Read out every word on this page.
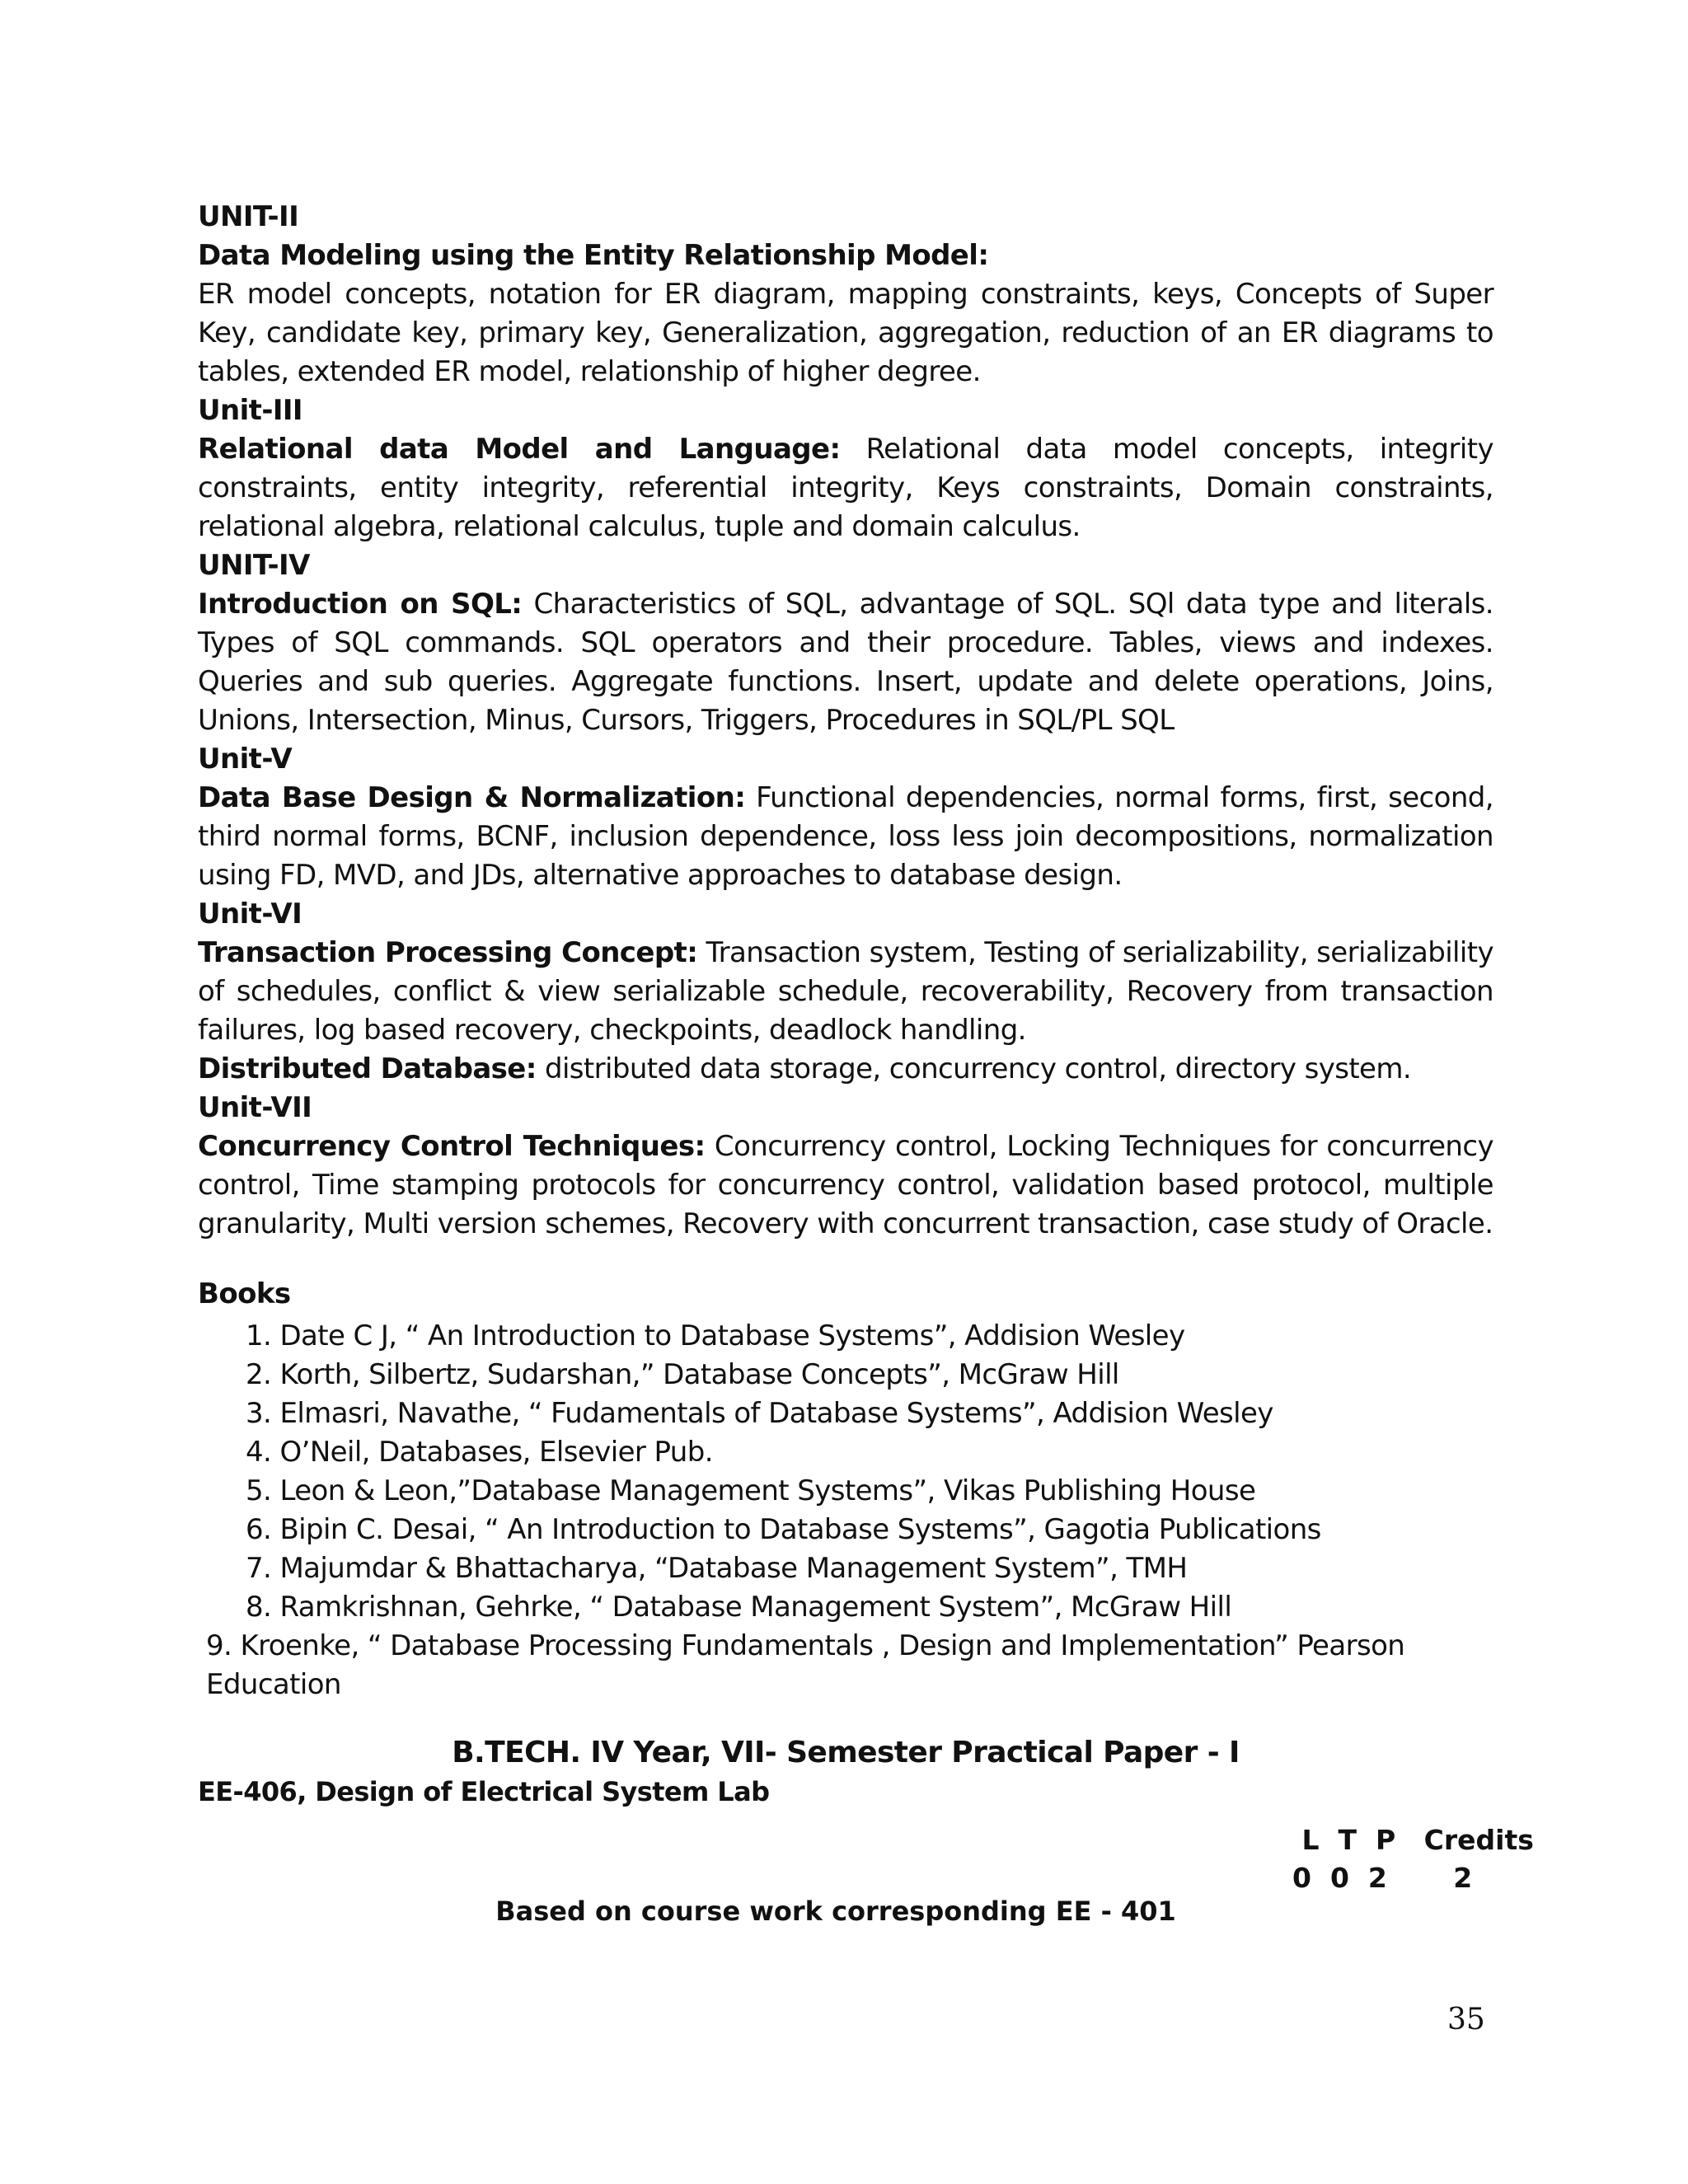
UNIT-II
Data Modeling using the Entity Relationship Model:
ER model concepts, notation for ER diagram, mapping constraints, keys, Concepts of Super Key, candidate key, primary key, Generalization, aggregation, reduction of an ER diagrams to tables, extended ER model, relationship of higher degree.
Unit-III
Relational data Model and Language: Relational data model concepts, integrity constraints, entity integrity, referential integrity, Keys constraints, Domain constraints, relational algebra, relational calculus, tuple and domain calculus.
UNIT-IV
Introduction on SQL: Characteristics of SQL, advantage of SQL. SQl data type and literals. Types of SQL commands. SQL operators and their procedure. Tables, views and indexes. Queries and sub queries. Aggregate functions. Insert, update and delete operations, Joins, Unions, Intersection, Minus, Cursors, Triggers, Procedures in SQL/PL SQL
Unit-V
Data Base Design & Normalization: Functional dependencies, normal forms, first, second, third normal forms, BCNF, inclusion dependence, loss less join decompositions, normalization using FD, MVD, and JDs, alternative approaches to database design.
Unit-VI
Transaction Processing Concept: Transaction system, Testing of serializability, serializability of schedules, conflict & view serializable schedule, recoverability, Recovery from transaction failures, log based recovery, checkpoints, deadlock handling.
Distributed Database: distributed data storage, concurrency control, directory system.
Unit-VII
Concurrency Control Techniques: Concurrency control, Locking Techniques for concurrency control, Time stamping protocols for concurrency control, validation based protocol, multiple granularity, Multi version schemes, Recovery with concurrent transaction, case study of Oracle.
Books
1. Date C J, “ An Introduction to Database Systems”, Addision Wesley
2. Korth, Silbertz, Sudarshan,” Database Concepts”, McGraw Hill
3. Elmasri, Navathe, “ Fudamentals of Database Systems”, Addision Wesley
4. O’Neil, Databases, Elsevier Pub.
5. Leon & Leon,”Database Management Systems”, Vikas Publishing House
6. Bipin C. Desai, “ An Introduction to Database Systems”, Gagotia Publications
7. Majumdar & Bhattacharya, “Database Management System”, TMH
8. Ramkrishnan, Gehrke, “ Database Management System”, McGraw Hill
9. Kroenke, “ Database Processing Fundamentals , Design and Implementation” Pearson Education
B.TECH. IV Year, VII- Semester Practical Paper - I
EE-406, Design of Electrical System Lab
L  T  P   Credits
0  0  2       2
Based on course work corresponding EE - 401
35
